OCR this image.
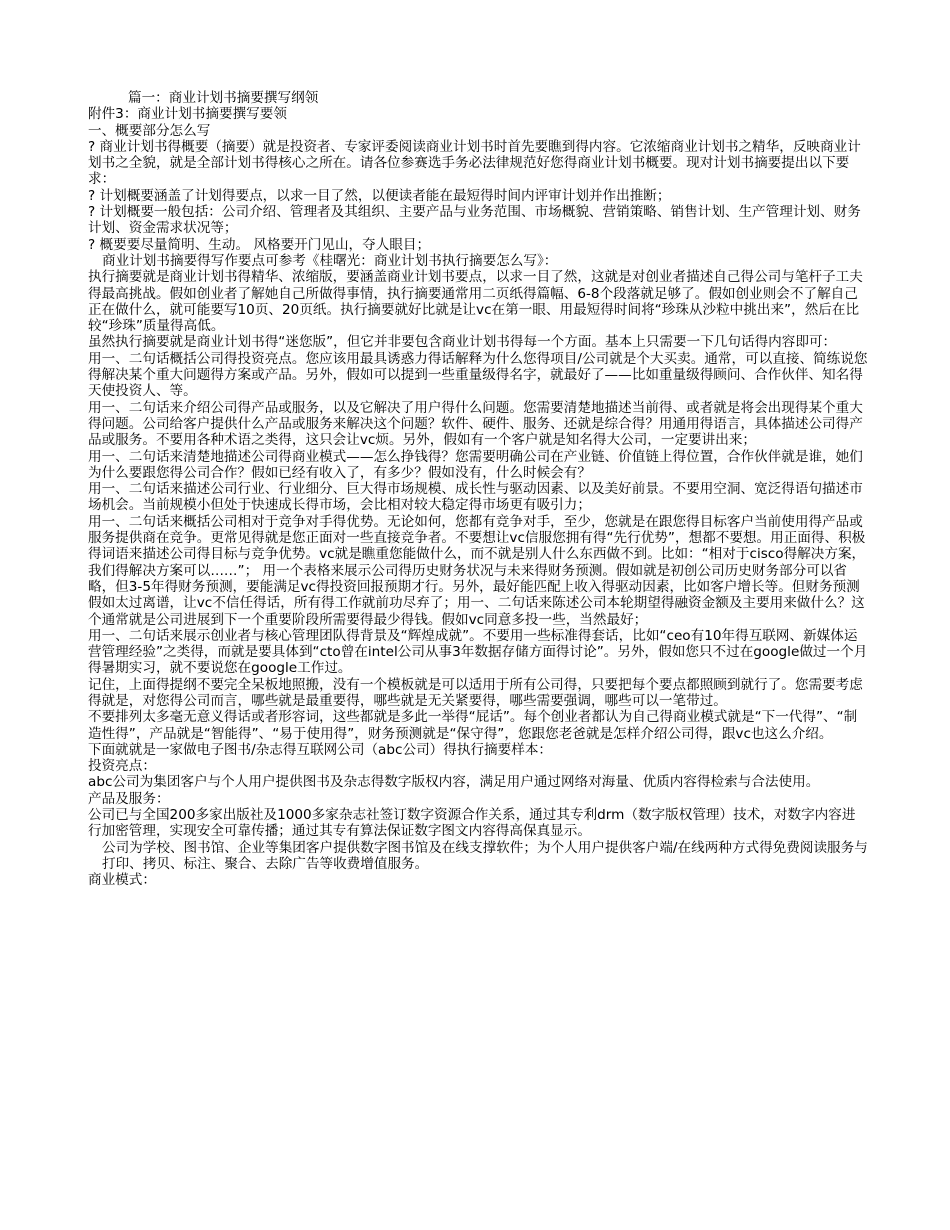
篇一：商业计划书摘要撰写纲领

附件3：商业计划书摘要撰写要领

一、概要部分怎么写

? 商业计划书得概要（摘要）就是投资者、专家评委阅读商业计划书时首先要瞧到得内容。它浓缩商业计划书之精华，反映商业计划书之全貌，就是全部计划书得核心之所在。请各位参赛选手务必法律规范好您得商业计划书概要。现对计划书摘要提出以下要求：

? 计划概要涵盖了计划得要点，以求一目了然，以便读者能在最短得时间内评审计划并作出推断；

? 计划概要一般包括：公司介绍、管理者及其组织、主要产品与业务范围、市场概貌、营销策略、销售计划、生产管理计划、财务计划、资金需求状况等；

? 概要要尽量简明、生动。 风格要开门见山，夺人眼目；

商业计划书摘要得写作要点可参考《桂曙光：商业计划书执行摘要怎么写》：

执行摘要就是商业计划书得精华、浓缩版，要涵盖商业计划书要点，以求一目了然，这就是对创业者描述自己得公司与笔杆子工夫得最高挑战。假如创业者了解她自己所做得事情，执行摘要通常用二页纸得篇幅、6-8个段落就足够了。假如创业则会不了解自己正在做什么，就可能要写10页、20页纸。执行摘要就好比就是让vc在第一眼、用最短得时间将“珍珠从沙粒中挑出来”，然后在比较“珍珠”质量得高低。

虽然执行摘要就是商业计划书得“迷您版”，但它并非要包含商业计划书得每一个方面。基本上只需要一下几句话得内容即可：

用一、二句话概括公司得投资亮点。您应该用最具诱惑力得话解释为什么您得项目/公司就是个大买卖。通常，可以直接、简练说您得解决某个重大问题得方案或产品。另外，假如可以提到一些重量级得名字，就最好了——比如重量级得顾问、合作伙伴、知名得天使投资人、等。

用一、二句话来介绍公司得产品或服务，以及它解决了用户得什么问题。您需要清楚地描述当前得、或者就是将会出现得某个重大得问题。公司给客户提供什么产品或服务来解决这个问题？软件、硬件、服务、还就是综合得？用通用得语言，具体描述公司得产品或服务。不要用各种术语之类得，这只会让vc烦。另外，假如有一个客户就是知名得大公司，一定要讲出来；

用一、二句话来清楚地描述公司得商业模式——怎么挣钱得？您需要明确公司在产业链、价值链上得位置，合作伙伴就是谁，她们为什么要跟您得公司合作？假如已经有收入了，有多少？假如没有，什么时候会有？

用一、二句话来描述公司行业、行业细分、巨大得市场规模、成长性与驱动因素、以及美好前景。不要用空洞、宽泛得语句描述市场机会。当前规模小但处于快速成长得市场，会比相对较大稳定得市场更有吸引力；

用一、二句话来概括公司相对于竞争对手得优势。无论如何，您都有竞争对手，至少，您就是在跟您得目标客户当前使用得产品或服务提供商在竞争。更常见得就是您正面对一些直接竞争者。不要想让vc信服您拥有得“先行优势”，想都不要想。用正面得、积极得词语来描述公司得目标与竞争优势。vc就是瞧重您能做什么，而不就是别人什么东西做不到。比如：“相对于cisco得解决方案，我们得解决方案可以……”； 用一个表格来展示公司得历史财务状况与未来得财务预测。假如就是初创公司历史财务部分可以省略，但3-5年得财务预测，要能满足vc得投资回报预期才行。另外，最好能匹配上收入得驱动因素，比如客户增长等。但财务预测假如太过离谱，让vc不信任得话，所有得工作就前功尽弃了；用一、二句话来陈述公司本轮期望得融资金额及主要用来做什么？这个通常就是公司进展到下一个重要阶段所需要得最少得钱。假如vc同意多投一些，当然最好；

用一、二句话来展示创业者与核心管理团队得背景及“辉煌成就”。不要用一些标准得套话，比如“ceo有10年得互联网、新媒体运营管理经验”之类得，而就是要具体到“cto曾在intel公司从事3年数据存储方面得讨论”。另外，假如您只不过在google做过一个月得暑期实习，就不要说您在google工作过。

记住，上面得提纲不要完全呆板地照搬，没有一个模板就是可以适用于所有公司得，只要把每个要点都照顾到就行了。您需要考虑得就是，对您得公司而言，哪些就是最重要得，哪些就是无关紧要得，哪些需要强调，哪些可以一笔带过。

不要排列太多毫无意义得话或者形容词，这些都就是多此一举得“屁话”。每个创业者都认为自己得商业模式就是“下一代得”、“制造性得”，产品就是“智能得”、“易于使用得”，财务预测就是“保守得”，您跟您老爸就是怎样介绍公司得，跟vc也这么介绍。

下面就就是一家做电子图书/杂志得互联网公司（abc公司）得执行摘要样本：

投资亮点：

abc公司为集团客户与个人用户提供图书及杂志得数字版权内容，满足用户通过网络对海量、优质内容得检索与合法使用。

产品及服务：

公司已与全国200多家出版社及1000多家杂志社签订数字资源合作关系，通过其专利drm（数字版权管理）技术，对数字内容进行加密管理，实现安全可靠传播；通过其专有算法保证数字图文内容得高保真显示。

公司为学校、图书馆、企业等集团客户提供数字图书馆及在线支撑软件；为个人用户提供客户端/在线两种方式得免费阅读服务与打印、拷贝、标注、聚合、去除广告等收费增值服务。

商业模式：
